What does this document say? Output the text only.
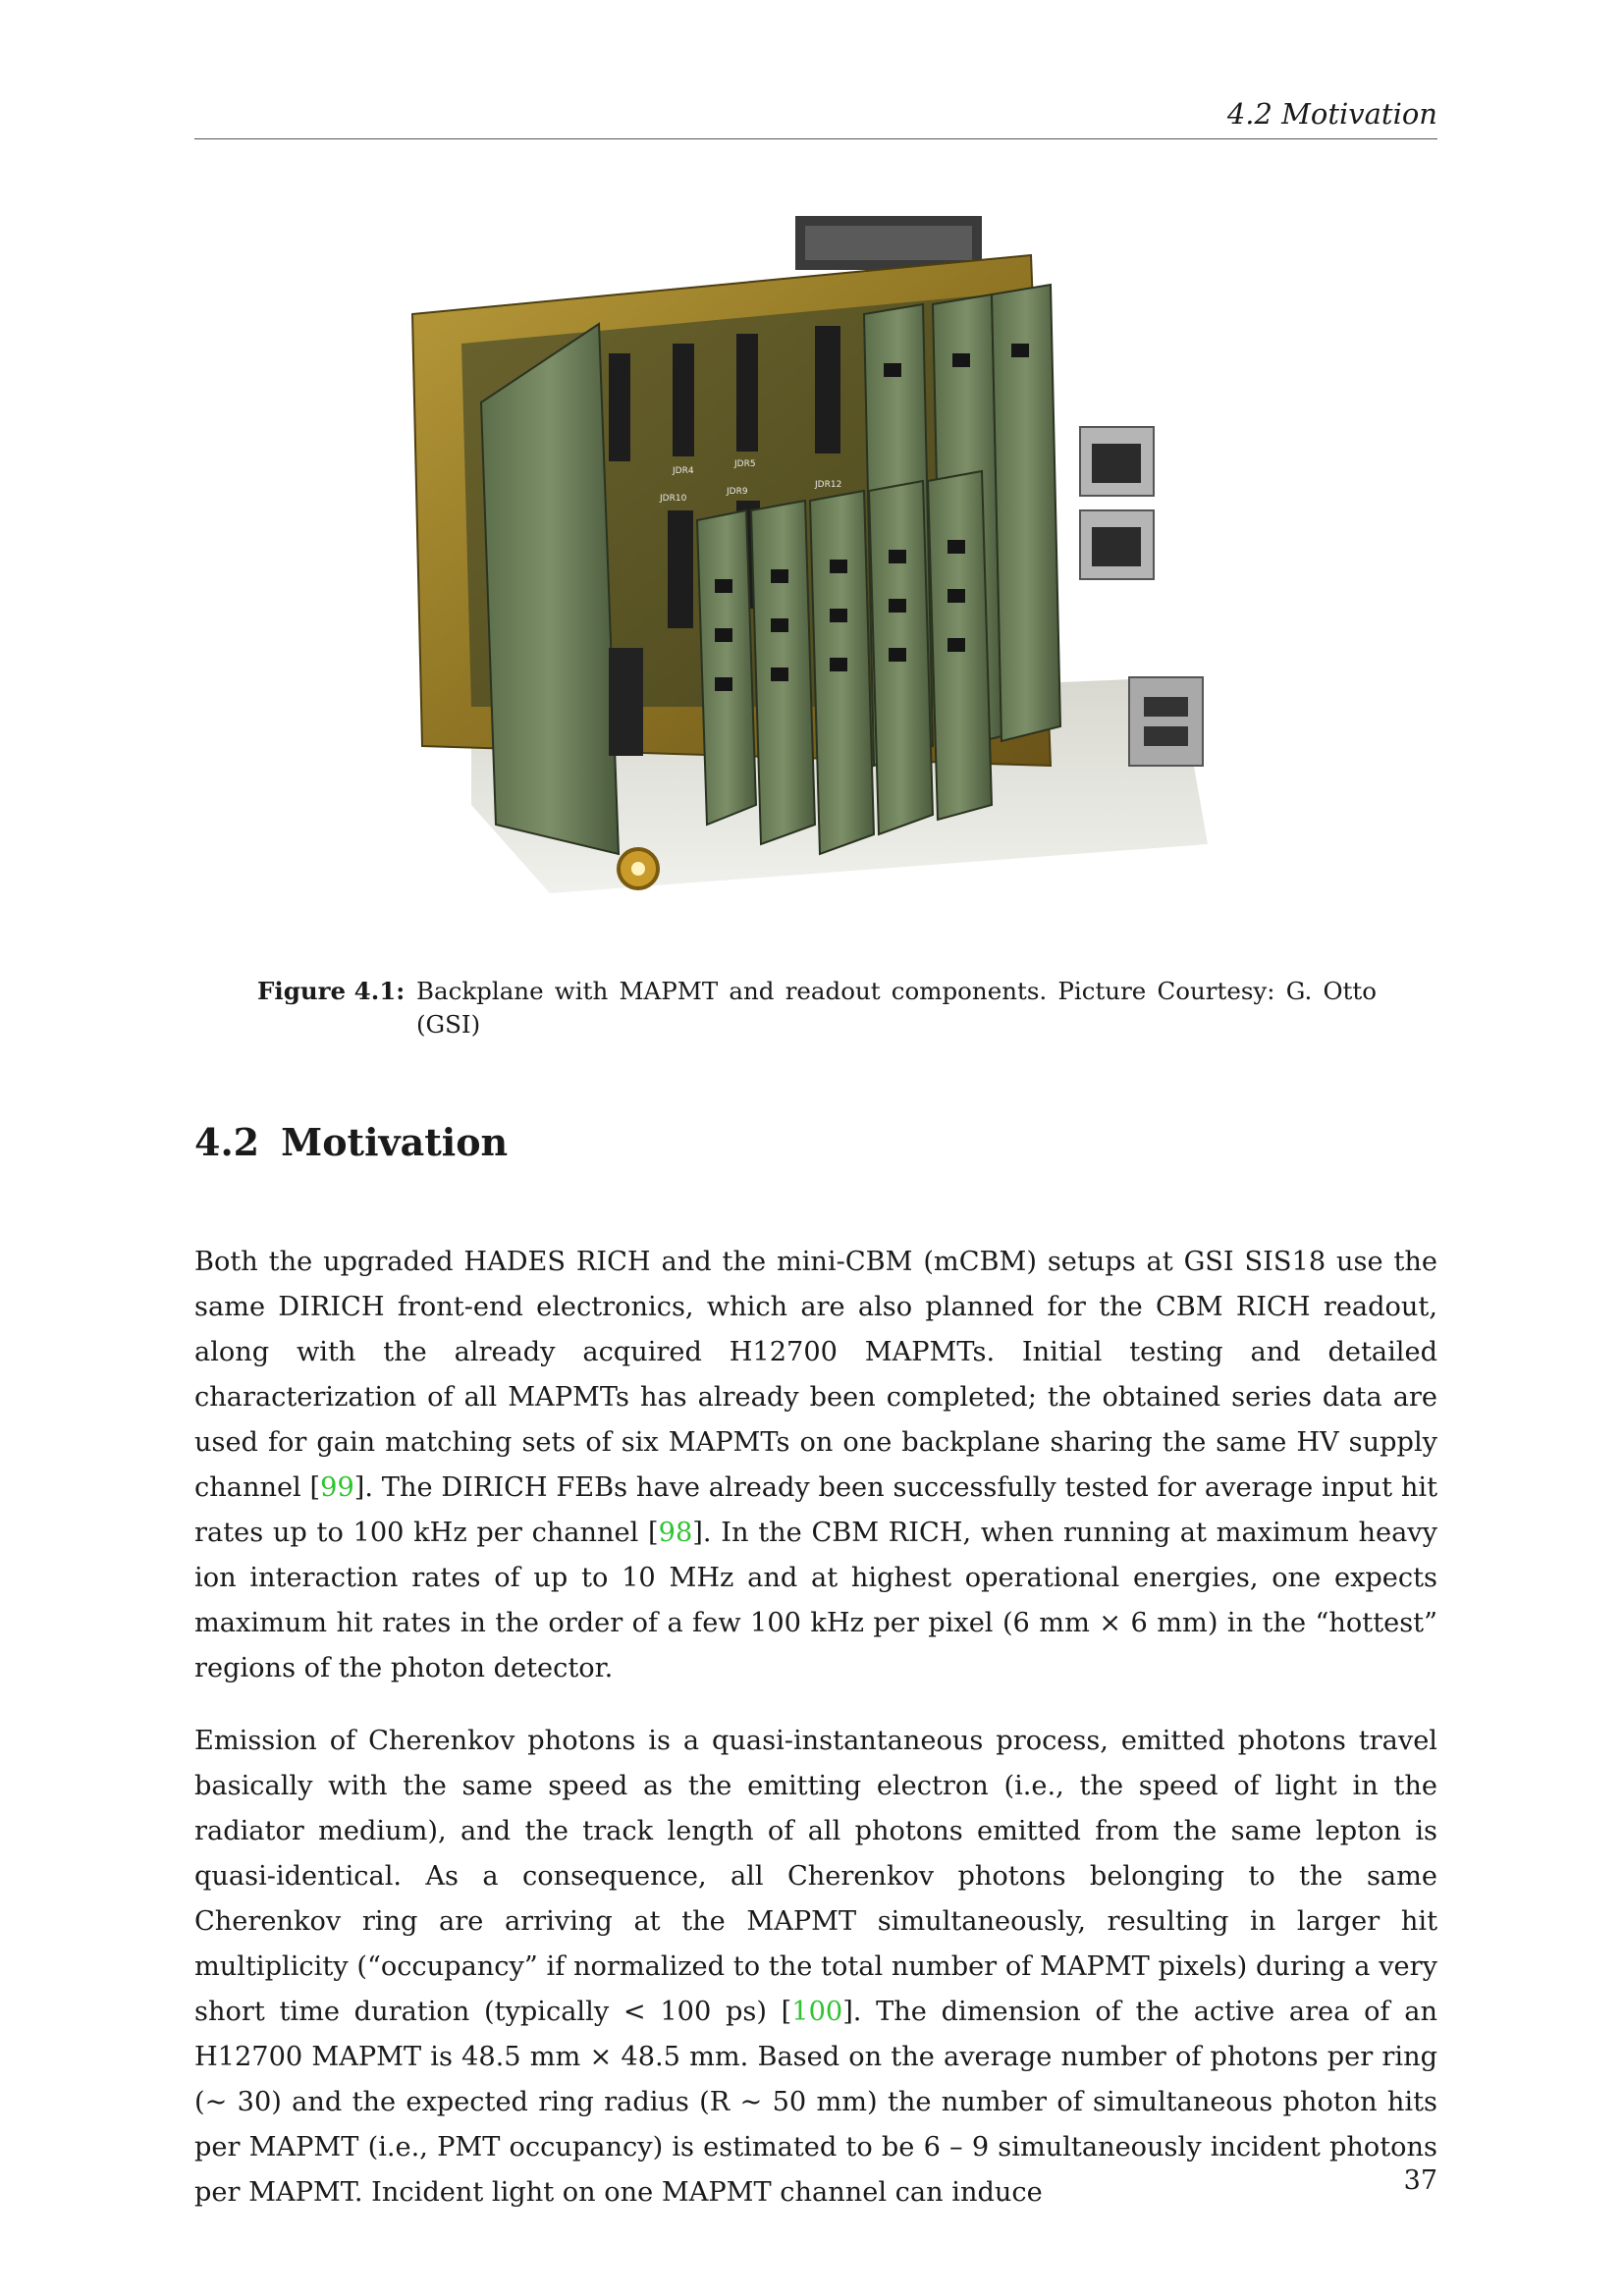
4.2 Motivation
JDR4
JDR5
JDR10
JDR9
JDR12
Figure 4.1: Backplane with MAPMT and readout components. Picture Courtesy: G. Otto (GSI)
4.2 Motivation

Both the upgraded HADES RICH and the mini-CBM (mCBM) setups at GSI SIS18 use the same DIRICH front-end electronics, which are also planned for the CBM RICH readout, along with the already acquired H12700 MAPMTs. Initial testing and detailed characterization of all MAPMTs has already been completed; the obtained series data are used for gain matching sets of six MAPMTs on one backplane sharing the same HV supply channel [99]. The DIRICH FEBs have already been successfully tested for average input hit rates up to 100 kHz per channel [98]. In the CBM RICH, when running at maximum heavy ion interaction rates of up to 10 MHz and at highest operational energies, one expects maximum hit rates in the order of a few 100 kHz per pixel (6 mm × 6 mm) in the “hottest” regions of the photon detector.

Emission of Cherenkov photons is a quasi-instantaneous process, emitted photons travel basically with the same speed as the emitting electron (i.e., the speed of light in the radiator medium), and the track length of all photons emitted from the same lepton is quasi-identical. As a consequence, all Cherenkov photons belonging to the same Cherenkov ring are arriving at the MAPMT simultaneously, resulting in larger hit multiplicity (“occupancy” if normalized to the total number of MAPMT pixels) during a very short time duration (typically < 100 ps) [100]. The dimension of the active area of an H12700 MAPMT is 48.5 mm × 48.5 mm. Based on the average number of photons per ring (∼ 30) and the expected ring radius (R ∼ 50 mm) the number of simultaneous photon hits per MAPMT (i.e., PMT occupancy) is estimated to be 6 – 9 simultaneously incident photons per MAPMT. Incident light on one MAPMT channel can induce	37
